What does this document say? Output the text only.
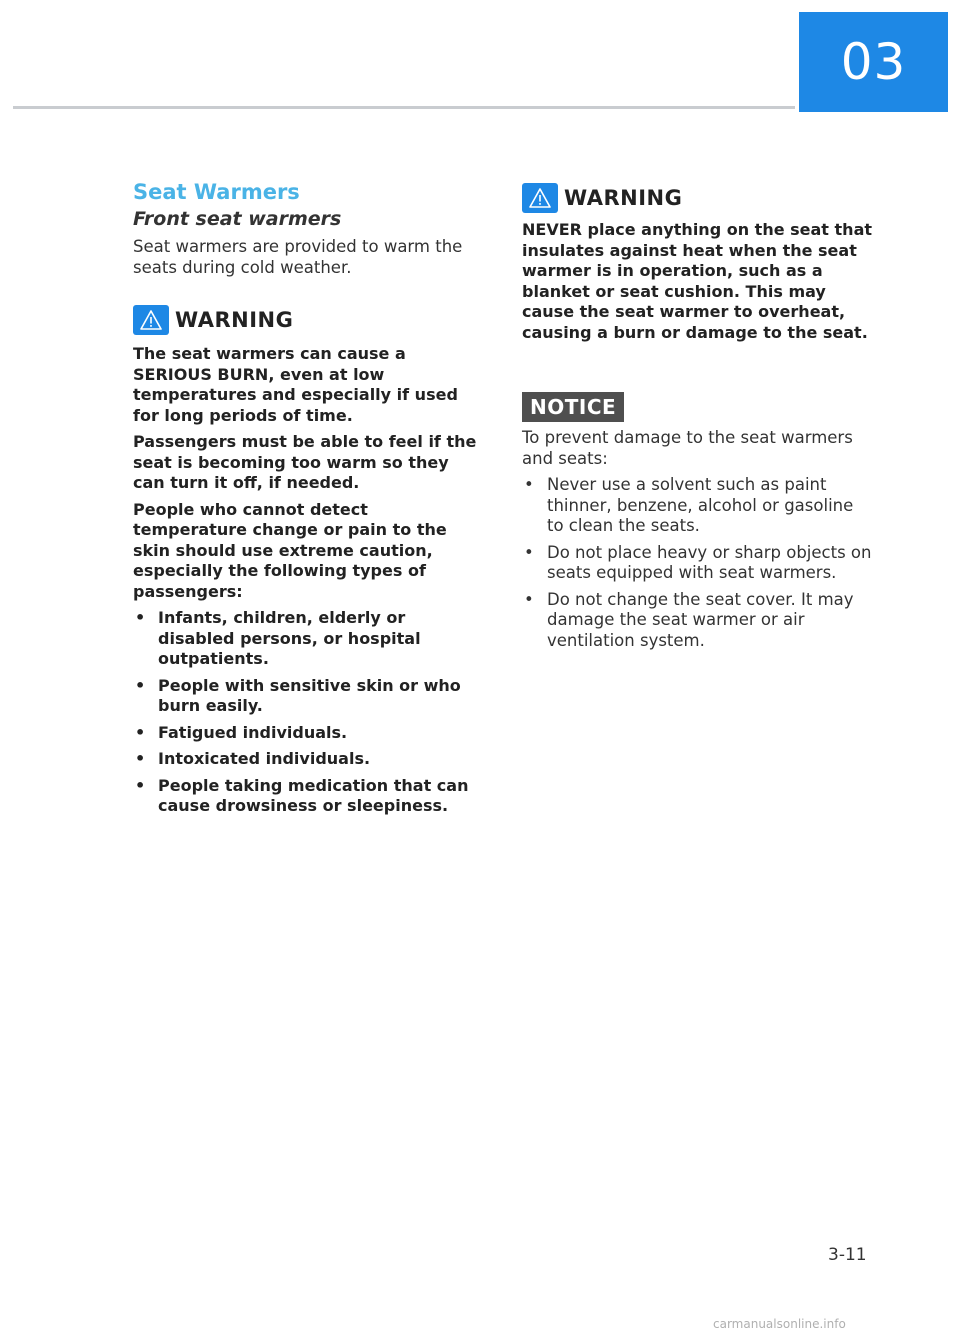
03
Seat Warmers
Front seat warmers

Seat warmers are provided to warm the seats during cold weather.

WARNING

The seat warmers can cause a SERIOUS BURN, even at low temperatures and especially if used for long periods of time.

Passengers must be able to feel if the seat is becoming too warm so they can turn it off, if needed.

People who cannot detect temperature change or pain to the skin should use extreme caution, especially the following types of passengers:

• Infants, children, elderly or disabled persons, or hospital outpatients.
• People with sensitive skin or who burn easily.
• Fatigued individuals.
• Intoxicated individuals.
• People taking medication that can cause drowsiness or sleepiness.
WARNING

NEVER place anything on the seat that insulates against heat when the seat warmer is in operation, such as a blanket or seat cushion. This may cause the seat warmer to overheat, causing a burn or damage to the seat.

NOTICE

To prevent damage to the seat warmers and seats:

• Never use a solvent such as paint thinner, benzene, alcohol or gasoline to clean the seats.
• Do not place heavy or sharp objects on seats equipped with seat warmers.
• Do not change the seat cover. It may damage the seat warmer or air ventilation system.
3-11
carmanualsonline.info
